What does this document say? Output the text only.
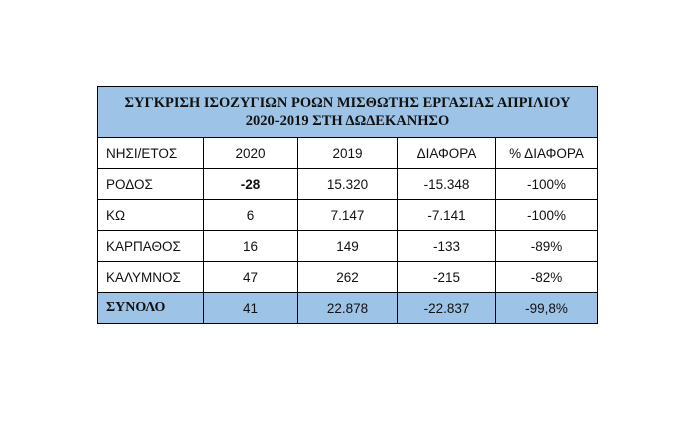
ΣΥΓΚΡΙΣΗ ΙΣΟΖΥΓΙΩΝ ΡΟΩΝ ΜΙΣΘΩΤΗΣ ΕΡΓΑΣΙΑΣ ΑΠΡΙΛΙΟΥ
2020-2019 ΣΤΗ ΔΩΔΕΚΑΝΗΣΟ				

ΝΗΣΙ/ΕΤΟΣ	2020	2019	ΔΙΑΦΟΡΑ	% ΔΙΑΦΟΡΑ
ΡΟΔΟΣ	-28	15.320	-15.348	-100%
ΚΩ	6	7.147	-7.141	-100%
ΚΑΡΠΑΘΟΣ	16	149	-133	-89%
ΚΑΛΥΜΝΟΣ	47	262	-215	-82%
ΣΥΝΟΛΟ	41	22.878	-22.837	-99,8%
